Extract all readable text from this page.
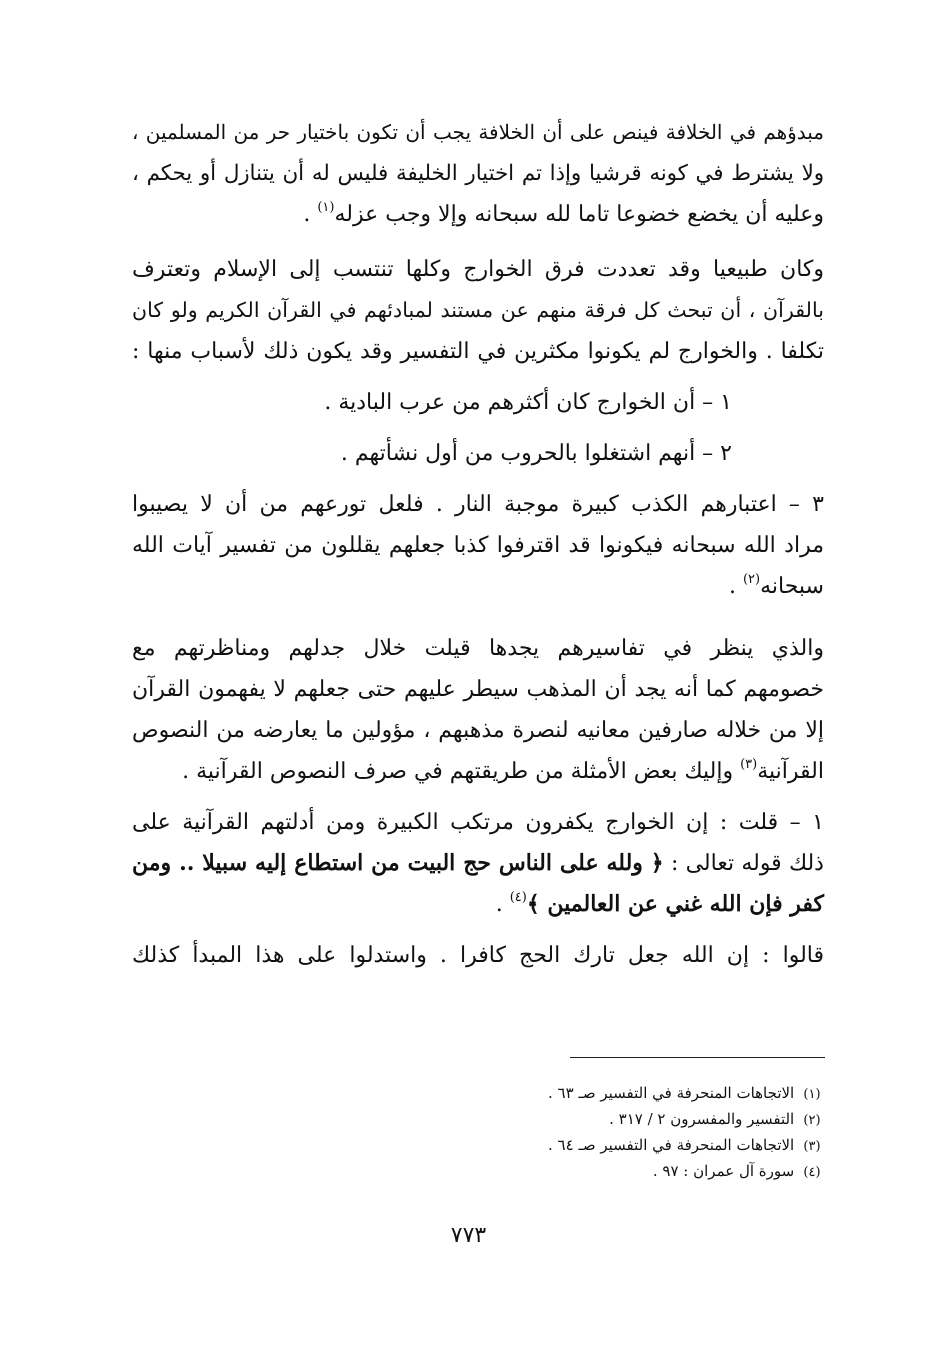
مبدؤهم في الخلافة فينص على أن الخلافة يجب أن تكون باختيار حر من المسلمين ،
ولا يشترط في كونه قرشيا وإذا تم اختيار الخليفة فليس له أن يتنازل أو يحكم ،
وعليه أن يخضع خضوعا تاما لله سبحانه وإلا وجب عزله$^{(١)}$ .
وكان طبيعيا وقد تعددت فرق الخوارج وكلها تنتسب إلى الإسلام وتعترف
بالقرآن ، أن تبحث كل فرقة منهم عن مستند لمبادئهم في القرآن الكريم ولو كان
تكلفا . والخوارج لم يكونوا مكثرين في التفسير وقد يكون ذلك لأسباب منها :
١ – أن الخوارج كان أكثرهم من عرب البادية .
٢ – أنهم اشتغلوا بالحروب من أول نشأتهم .
٣ – اعتبارهم الكذب كبيرة موجبة النار . فلعل تورعهم من أن لا يصيبوا
مراد الله سبحانه فيكونوا قد اقترفوا كذبا جعلهم يقللون من تفسير آيات الله
سبحانه$^{(٢)}$ .
والذي ينظر في تفاسيرهم يجدها قيلت خلال جدلهم ومناظرتهم مع
خصومهم كما أنه يجد أن المذهب سيطر عليهم حتى جعلهم لا يفهمون القرآن
إلا من خلاله صارفين معانيه لنصرة مذهبهم ، مؤولين ما يعارضه من النصوص
القرآنية$^{(٣)}$ وإليك بعض الأمثلة من طريقتهم في صرف النصوص القرآنية .
١ – قلت : إن الخوارج يكفرون مرتكب الكبيرة ومن أدلتهم القرآنية على
ذلك قوله تعالى : ﴿ ولله على الناس حج البيت من استطاع إليه سبيلا .. ومن
كفر فإن الله غني عن العالمين ﴾$^{(٤)}$ .
قالوا : إن الله جعل تارك الحج كافرا . واستدلوا على هذا المبدأ كذلك
(١) الاتجاهات المنحرفة في التفسير صـ ٦٣ .
(٢) التفسير والمفسرون ٢ / ٣١٧ .
(٣) الاتجاهات المنحرفة في التفسير صـ ٦٤ .
(٤) سورة آل عمران : ٩٧ .
٧٧٣
